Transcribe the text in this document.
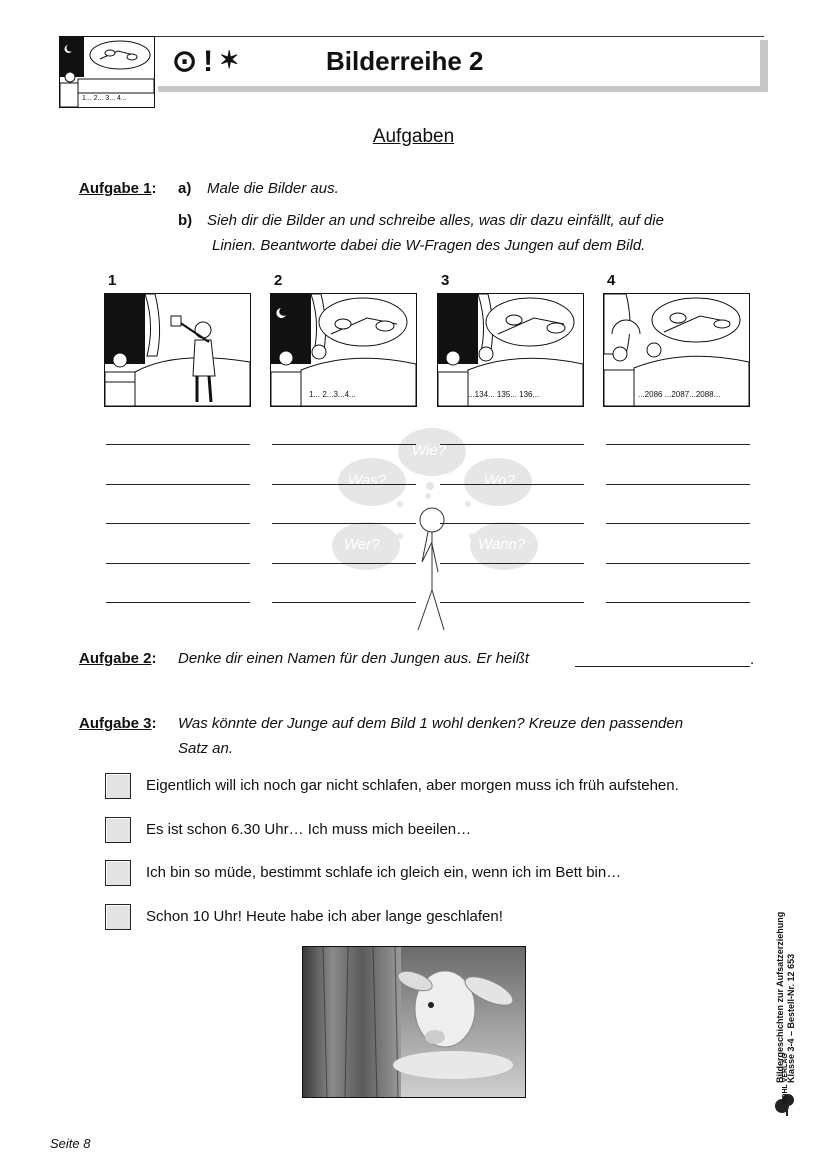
1... 2... 3... 4...
⊙!✶	Bilderreihe 2
Aufgaben
Aufgabe 1: a) Male die Bilder aus.
b) Sieh dir die Bilder an und schreibe alles, was dir dazu einfällt, auf die
Linien. Beantworte dabei die W-Fragen des Jungen auf dem Bild.
1	2	3	4
1... 2...3...4...	...134... 135... 136...	...2086 ...2087...2088...
Wie?
Was?	Wo?
Wer?	Wann?
Aufgabe 2: Denke dir einen Namen für den Jungen aus. Er heißt	.
Aufgabe 3: Was könnte der Junge auf dem Bild 1 wohl denken? Kreuze den passenden
Satz an.
Eigentlich will ich noch gar nicht schlafen, aber morgen muss ich früh aufstehen.
Es ist schon 6.30 Uhr… Ich muss mich beeilen…
Ich bin so müde, bestimmt schlafe ich gleich ein, wenn ich im Bett bin…
Schon 10 Uhr! Heute habe ich aber lange geschlafen!	Bildergeschichten zur Aufsatzerziehung Klasse 3-4 – Bestell-Nr. 12 653
KOHL VERLAG
Seite 8
